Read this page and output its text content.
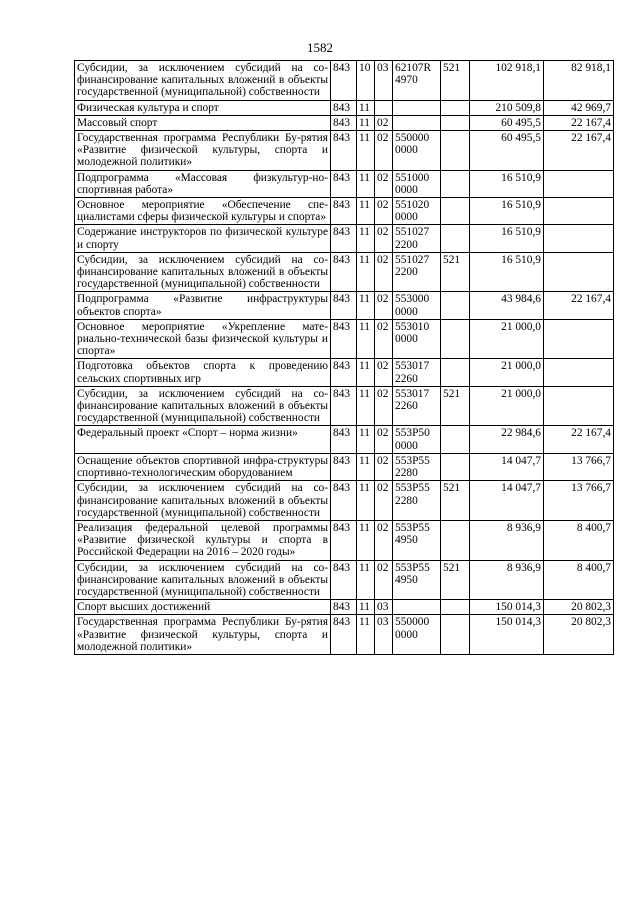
1582
Субсидии, за исключением субсидий на со-финансирование капитальных вложений в объекты государственной (муниципальной) собственности	843	10	03	62107R 4970	521	102 918,1	82 918,1
Физическая культура и спорт	843	11				210 509,8	42 969,7
Массовый спорт	843	11	02			60 495,5	22 167,4
Государственная программа Республики Бу-рятия «Развитие физической культуры, спорта и молодежной политики»	843	11	02	550000 0000		60 495,5	22 167,4
Подпрограмма «Массовая физкультур-но-спортивная работа»	843	11	02	551000 0000		16 510,9	
Основное мероприятие «Обеспечение спе-циалистами сферы физической культуры и спорта»	843	11	02	551020 0000		16 510,9	
Содержание инструкторов по физической культуре и спорту	843	11	02	551027 2200		16 510,9	
Субсидии, за исключением субсидий на со-финансирование капитальных вложений в объекты государственной (муниципальной) собственности	843	11	02	551027 2200	521	16 510,9	
Подпрограмма «Развитие инфраструктуры объектов спорта»	843	11	02	553000 0000		43 984,6	22 167,4
Основное мероприятие «Укрепление мате-риально-технической базы физической культуры и спорта»	843	11	02	553010 0000		21 000,0	
Подготовка объектов спорта к проведению сельских спортивных игр	843	11	02	553017 2260		21 000,0	
Субсидии, за исключением субсидий на со-финансирование капитальных вложений в объекты государственной (муниципальной) собственности	843	11	02	553017 2260	521	21 000,0	
Федеральный проект «Спорт – норма жизни»	843	11	02	553P50 0000		22 984,6	22 167,4
Оснащение объектов спортивной инфра-структуры спортивно-технологическим оборудованием	843	11	02	553P55 2280		14 047,7	13 766,7
Субсидии, за исключением субсидий на со-финансирование капитальных вложений в объекты государственной (муниципальной) собственности	843	11	02	553P55 2280	521	14 047,7	13 766,7
Реализация федеральной целевой программы «Развитие физической культуры и спорта в Российской Федерации на 2016 – 2020 годы»	843	11	02	553P55 4950		8 936,9	8 400,7
Субсидии, за исключением субсидий на со-финансирование капитальных вложений в объекты государственной (муниципальной) собственности	843	11	02	553P55 4950	521	8 936,9	8 400,7
Спорт высших достижений	843	11	03			150 014,3	20 802,3
Государственная программа Республики Бу-рятия «Развитие физической культуры, спорта и молодежной политики»	843	11	03	550000 0000		150 014,3	20 802,3
